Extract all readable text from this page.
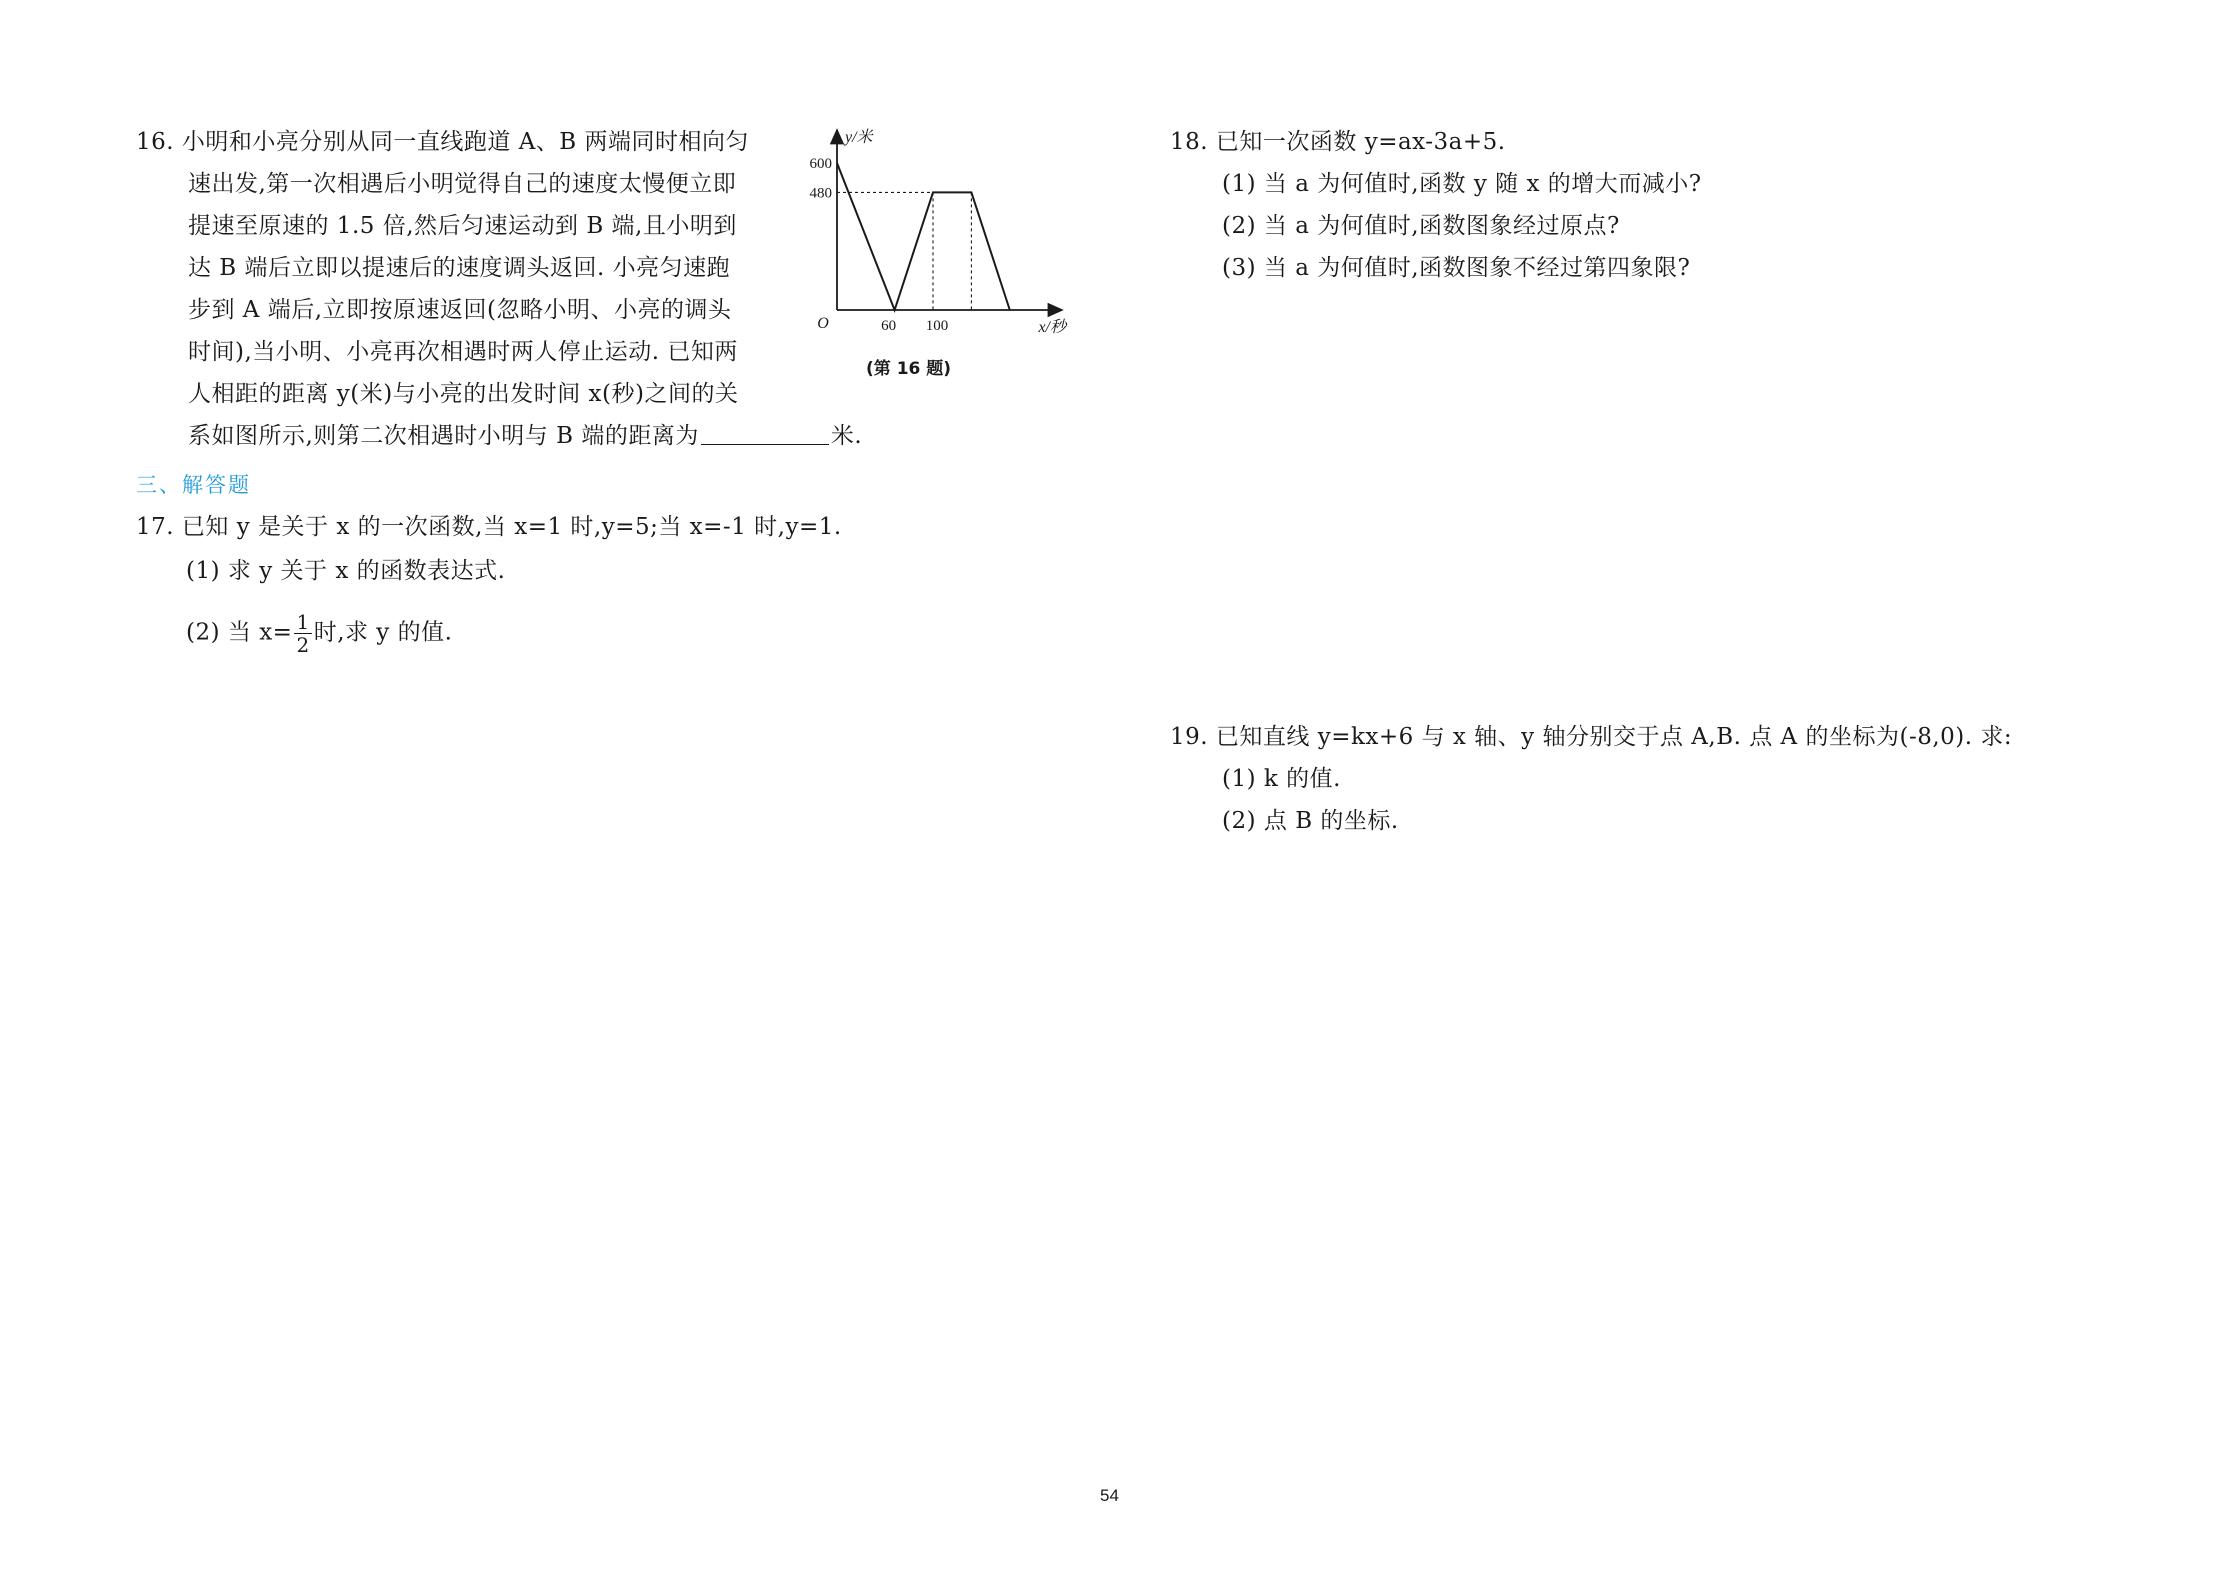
16. 小明和小亮分别从同一直线跑道 A、B 两端同时相向匀
速出发,第一次相遇后小明觉得自己的速度太慢便立即
提速至原速的 1.5 倍,然后匀速运动到 B 端,且小明到
达 B 端后立即以提速后的速度调头返回. 小亮匀速跑
步到 A 端后,立即按原速返回(忽略小明、小亮的调头
时间),当小明、小亮再次相遇时两人停止运动. 已知两
人相距的距离 y(米)与小亮的出发时间 x(秒)之间的关
系如图所示,则第二次相遇时小明与 B 端的距离为	米.
600
480
60 100
O
y/米
x/秒
(第 16 题)
三、解答题
17. 已知 y 是关于 x 的一次函数,当 x=1 时,y=5;当 x=-1 时,y=1.
(1) 求 y 关于 x 的函数表达式.
(2) 当 $x= \frac{1}{2}$ 时,求 y 的值.
18. 已知一次函数 y=ax-3a+5.
(1) 当 a 为何值时,函数 y 随 x 的增大而减小?
(2) 当 a 为何值时,函数图象经过原点?
(3) 当 a 为何值时,函数图象不经过第四象限?
19. 已知直线 y=kx+6 与 x 轴、y 轴分别交于点 A,B. 点 A 的坐标为(-8,0). 求:
(1) k 的值.
(2) 点 B 的坐标.
54
